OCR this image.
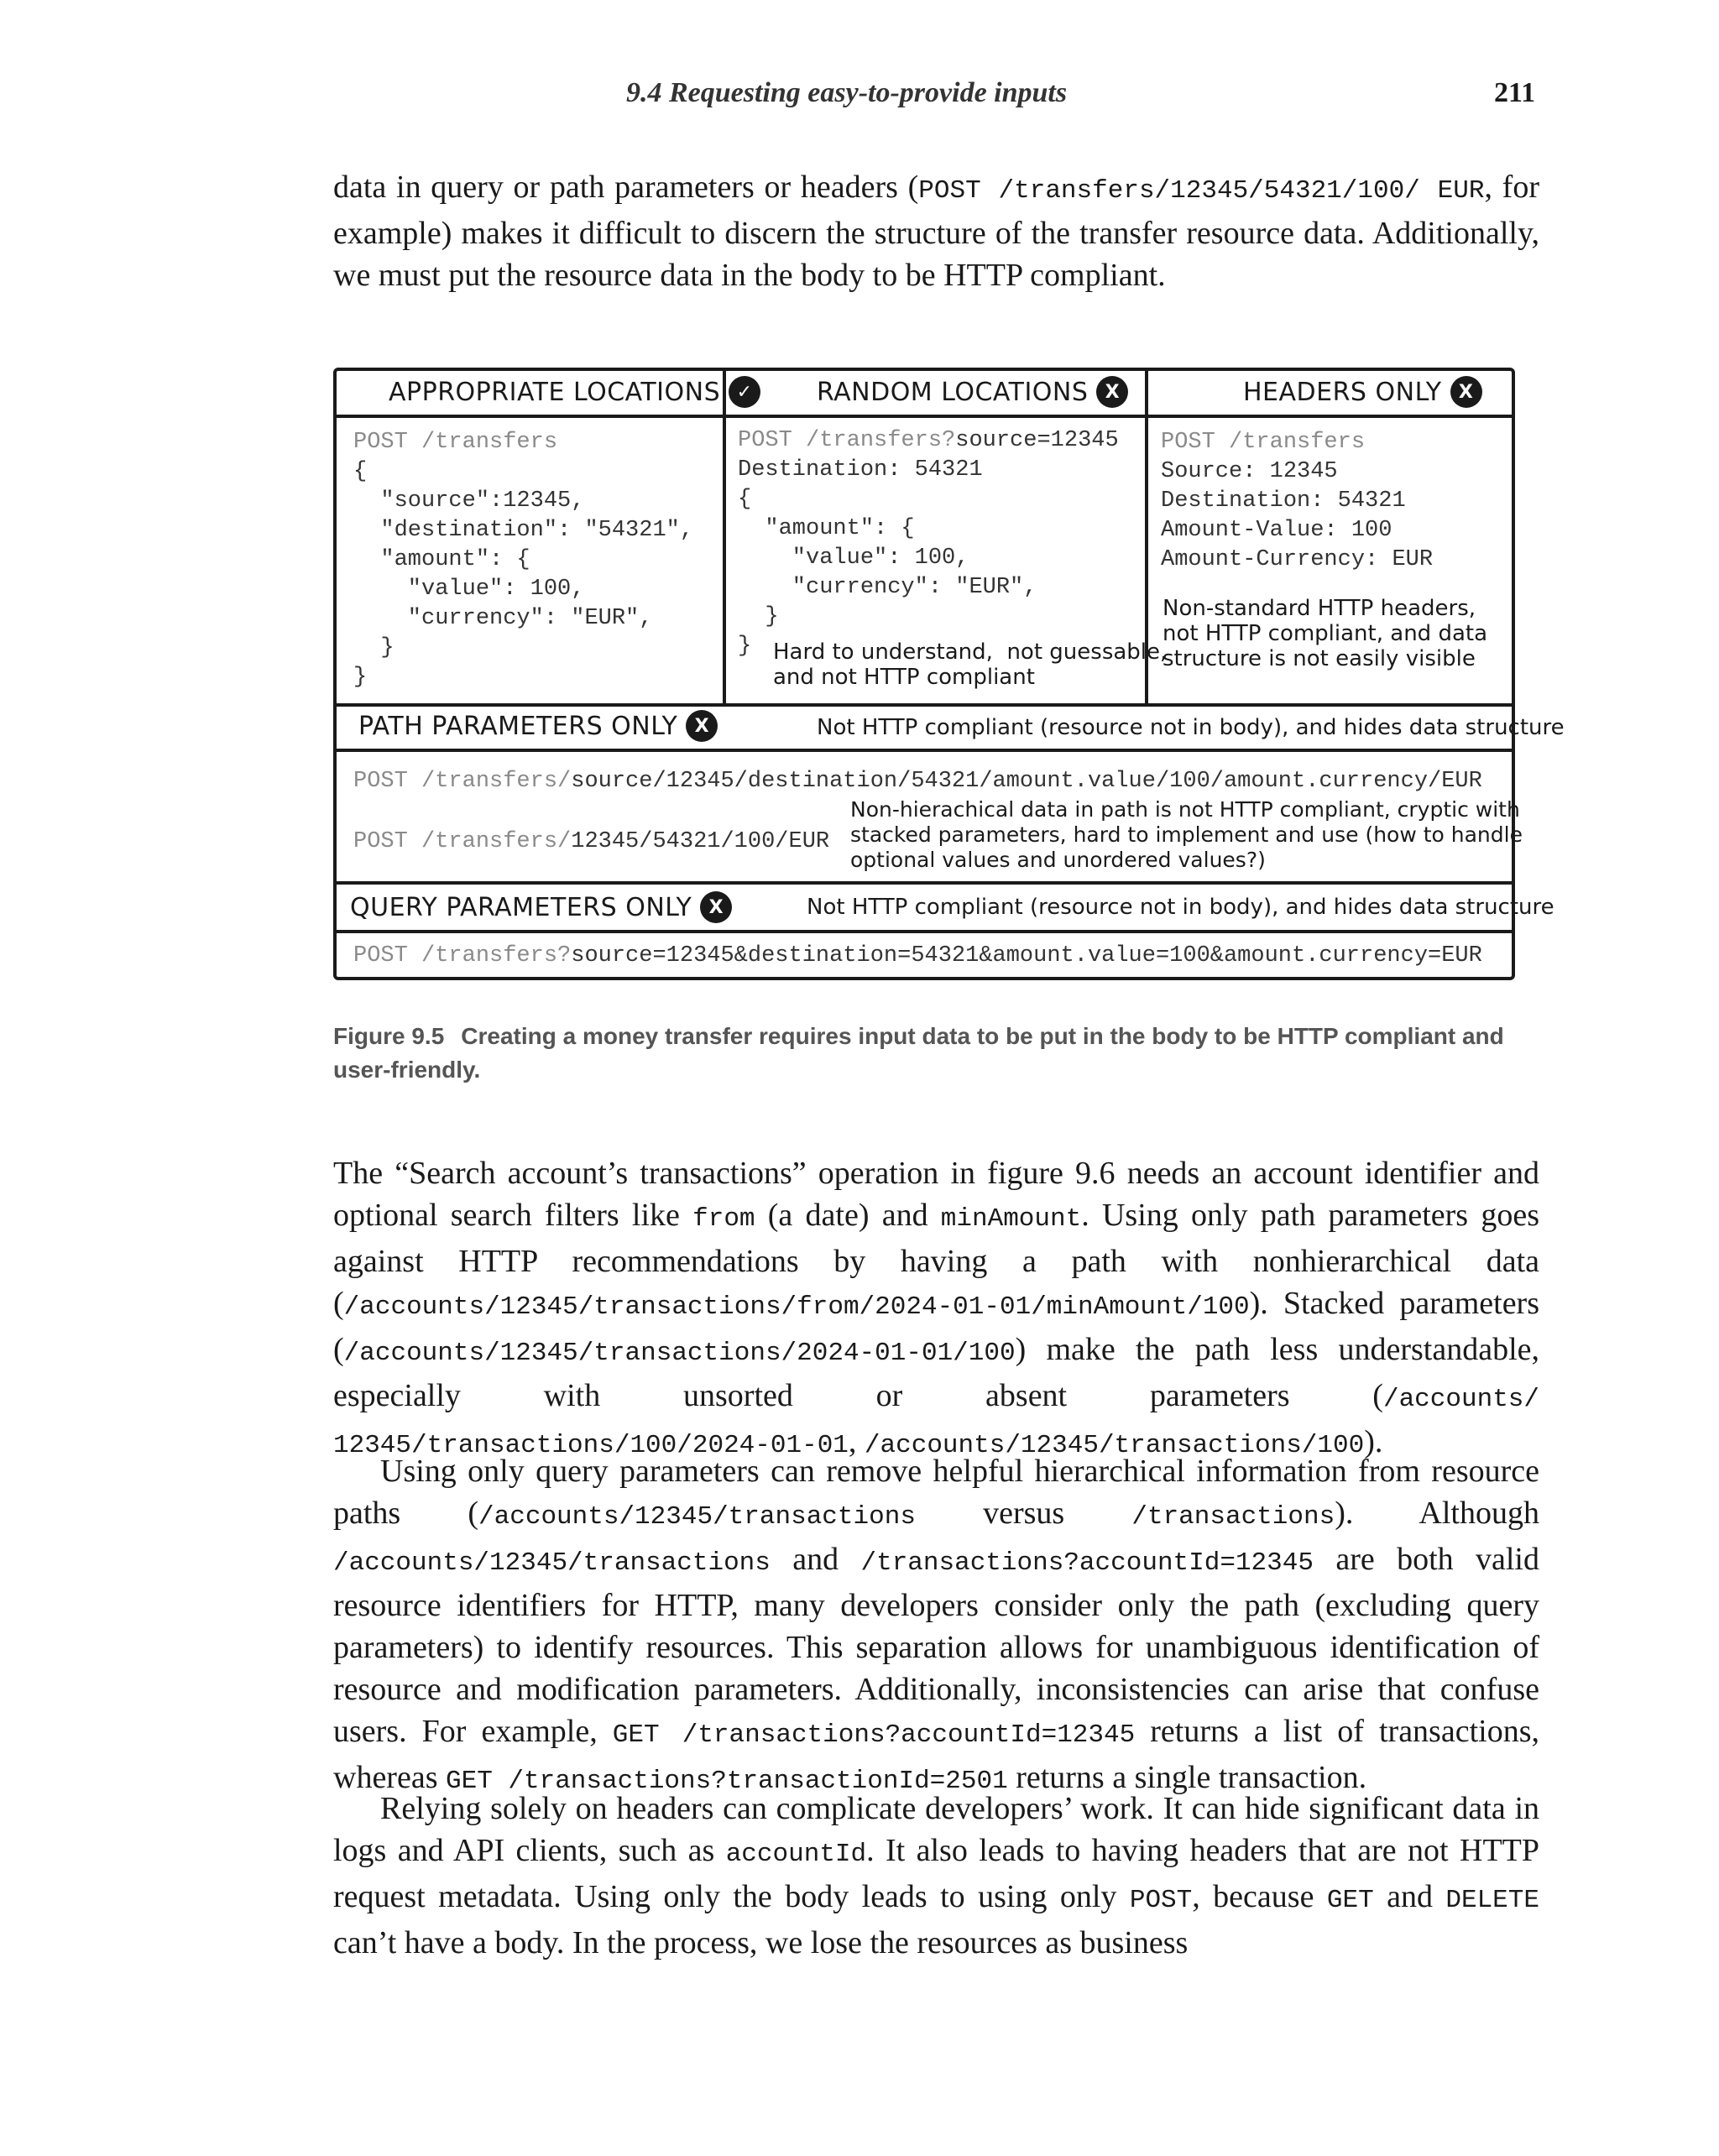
9.4 Requesting easy-to-provide inputs	211

data in query or path parameters or headers (POST /transfers/12345/54321/100/ EUR, for example) makes it difficult to discern the structure of the transfer resource data. Additionally, we must put the resource data in the body to be HTTP compliant.

APPROPRIATE LOCATIONS ✓
POST /transfers
{
"source":12345,
"destination": "54321",
"amount": {
"value": 100,
"currency": "EUR",
}
}
RANDOM LOCATIONS X
POST /transfers?source=12345
Destination: 54321
{
"amount": {
"value": 100,
"currency": "EUR",
}
} Hard to understand,  not guessable,
and not HTTP compliant
HEADERS ONLY X
POST /transfers
Source: 12345
Destination: 54321
Amount-Value: 100
Amount-Currency: EUR
Non-standard HTTP headers,
not HTTP compliant, and data
structure is not easily visible
PATH PARAMETERS ONLY X	Not HTTP compliant (resource not in body), and hides data structure
POST /transfers/source/12345/destination/54321/amount.value/100/amount.currency/EUR
POST /transfers/12345/54321/100/EUR
Non-hierachical data in path is not HTTP compliant, cryptic with
stacked parameters, hard to implement and use (how to handle
optional values and unordered values?)
QUERY PARAMETERS ONLY X	Not HTTP compliant (resource not in body), and hides data structure
POST /transfers?source=12345&destination=54321&amount.value=100&amount.currency=EUR
Figure 9.5 Creating a money transfer requires input data to be put in the body to be HTTP compliant and user-friendly.

The “Search account’s transactions” operation in figure 9.6 needs an account identifier and optional search filters like from (a date) and minAmount. Using only path parameters goes against HTTP recommendations by having a path with nonhierarchical data (/accounts/12345/transactions/from/2024-01-01/minAmount/100). Stacked parameters (/accounts/12345/transactions/2024-01-01/100) make the path less understandable, especially with unsorted or absent parameters (/accounts/ 12345/transactions/100/2024-01-01, /accounts/12345/transactions/100).

Using only query parameters can remove helpful hierarchical information from resource paths (/accounts/12345/transactions versus /transactions). Although /accounts/12345/transactions and /transactions?accountId=12345 are both valid resource identifiers for HTTP, many developers consider only the path (excluding query parameters) to identify resources. This separation allows for unambiguous identification of resource and modification parameters. Additionally, inconsistencies can arise that confuse users. For example, GET /transactions?accountId=12345 returns a list of transactions, whereas GET /transactions?transactionId=2501 returns a single transaction.

Relying solely on headers can complicate developers’ work. It can hide significant data in logs and API clients, such as accountId. It also leads to having headers that are not HTTP request metadata. Using only the body leads to using only POST, because GET and DELETE can’t have a body. In the process, we lose the resources as business
